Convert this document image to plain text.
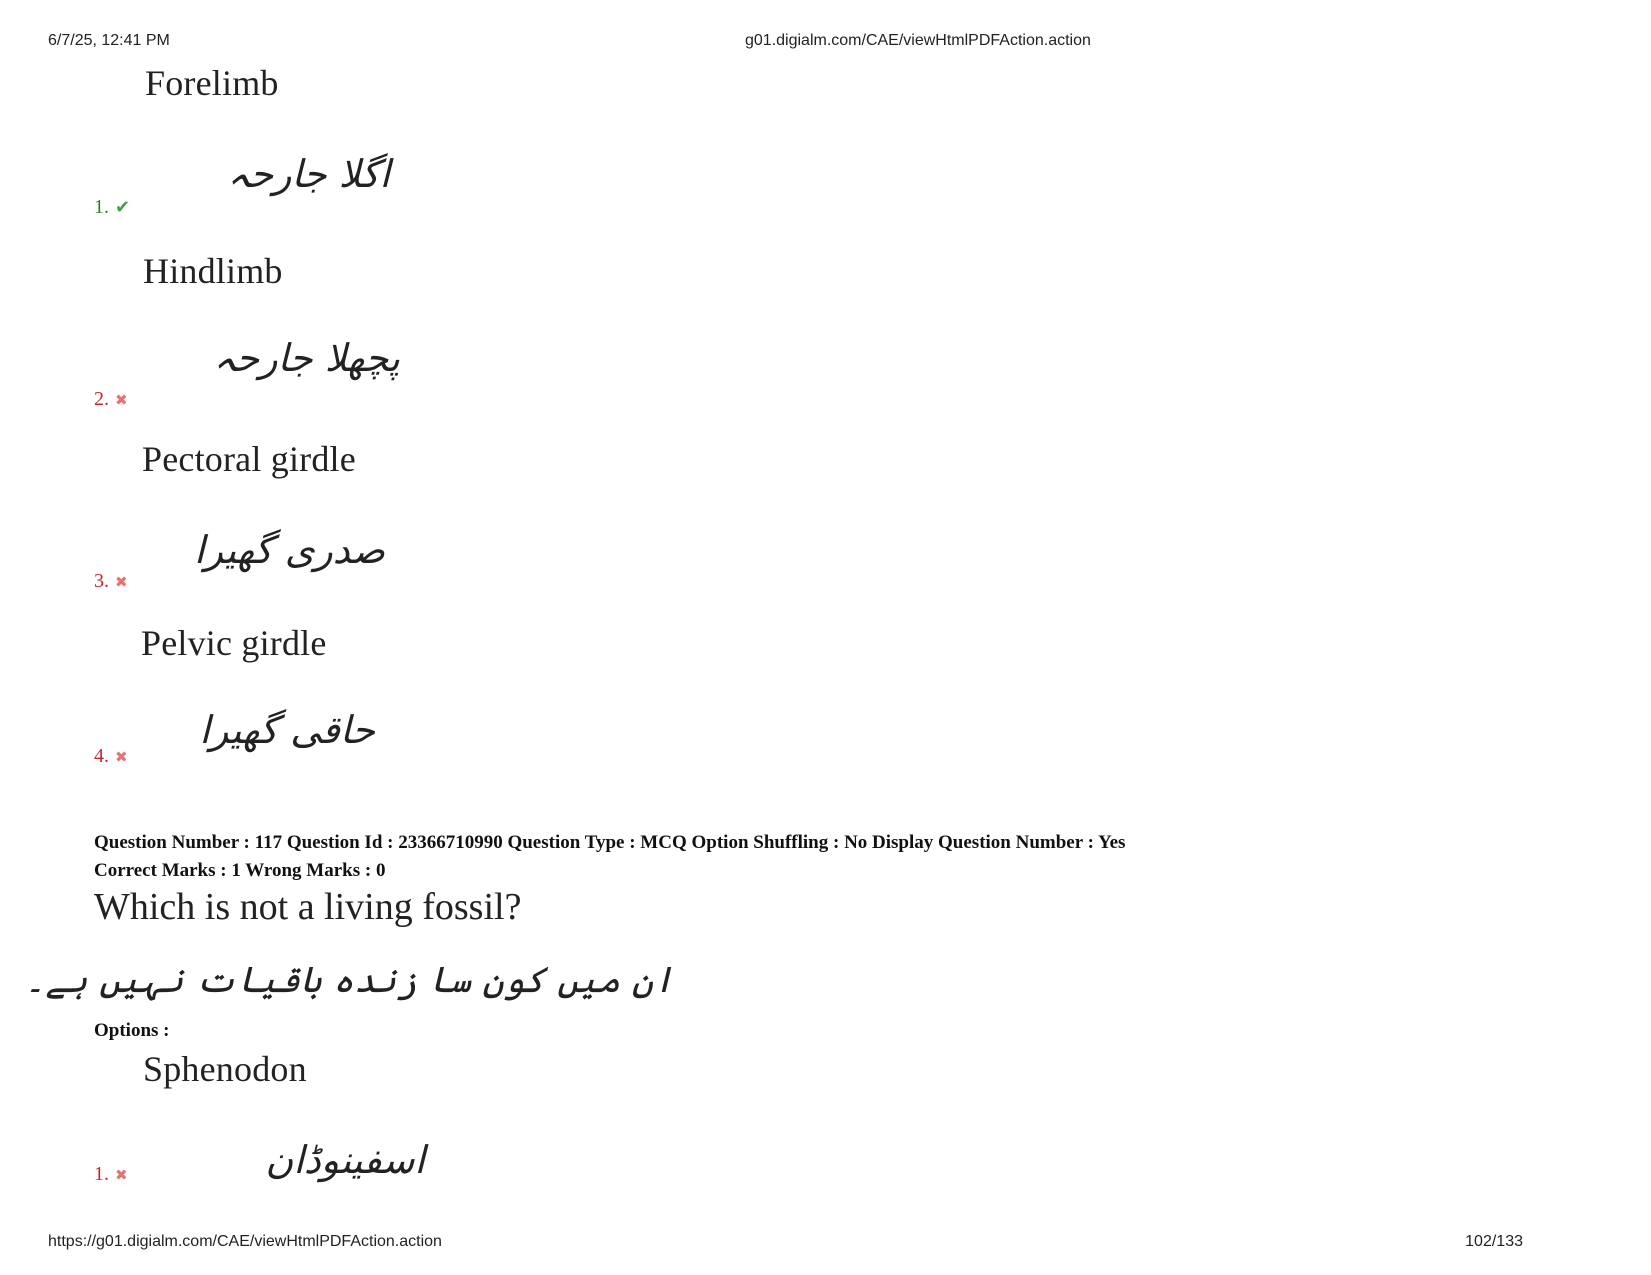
6/7/25, 12:41 PM	g01.digialm.com/CAE/viewHtmlPDFAction.action
Forelimb
اگلا جارحہ
1. ✔
Hindlimb
پچھلا جارحہ
2. ✖
Pectoral girdle
صدری گھیرا
3. ✖
Pelvic girdle
حاقی گھیرا
4. ✖
Question Number : 117 Question Id : 23366710990 Question Type : MCQ Option Shuffling : No Display Question Number : Yes
Correct Marks : 1 Wrong Marks : 0
Which is not a living fossil?
ان میں کون سا زندہ باقیات نہیں ہے۔
Options :
Sphenodon
اسفینوڈان
1. ✖
https://g01.digialm.com/CAE/viewHtmlPDFAction.action	102/133
